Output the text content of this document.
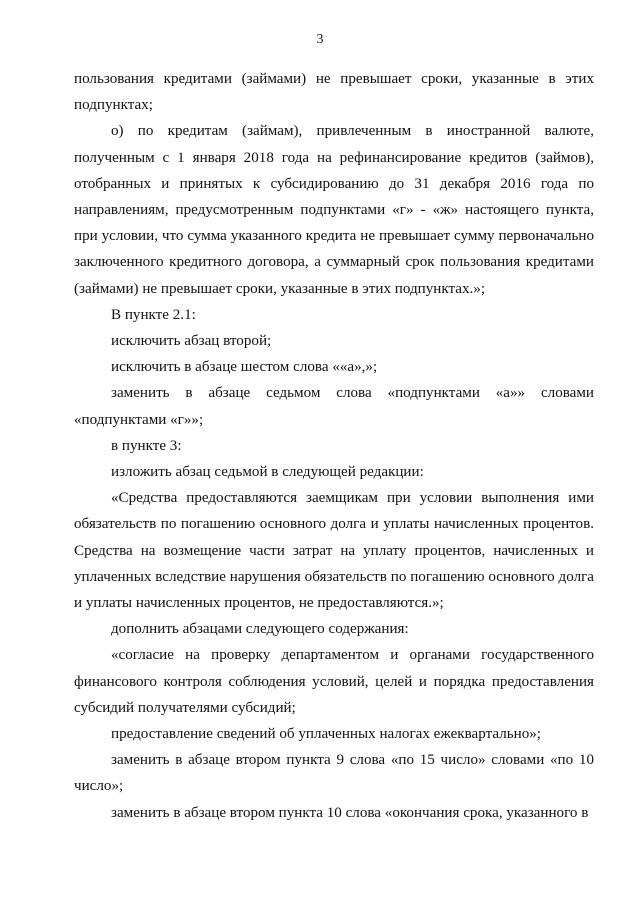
3

пользования кредитами (займами) не превышает сроки, указанные в этих подпунктах;

о) по кредитам (займам), привлеченным в иностранной валюте, полученным с 1 января 2018 года на рефинансирование кредитов (займов), отобранных и принятых к субсидированию до 31 декабря 2016 года по направлениям, предусмотренным подпунктами «г» - «ж» настоящего пункта, при условии, что сумма указанного кредита не превышает сумму первоначально заключенного кредитного договора, а суммарный срок пользования кредитами (займами) не превышает сроки, указанные в этих подпунктах.»;

В пункте 2.1:

исключить абзац второй;

исключить в абзаце шестом слова ««а»,»;

заменить в абзаце седьмом слова «подпунктами «а»» словами «подпунктами «г»»;

в пункте 3:

изложить абзац седьмой в следующей редакции:

«Средства предоставляются заемщикам при условии выполнения ими обязательств по погашению основного долга и уплаты начисленных процентов. Средства на возмещение части затрат на уплату процентов, начисленных и уплаченных вследствие нарушения обязательств по погашению основного долга и уплаты начисленных процентов, не предоставляются.»;

дополнить абзацами следующего содержания:

«согласие на проверку департаментом и органами государственного финансового контроля соблюдения условий, целей и порядка предоставления субсидий получателями субсидий;

предоставление сведений об уплаченных налогах ежеквартально»;

заменить в абзаце втором пункта 9 слова «по 15 число» словами «по 10 число»;

заменить в абзаце втором пункта 10 слова «окончания срока, указанного в
